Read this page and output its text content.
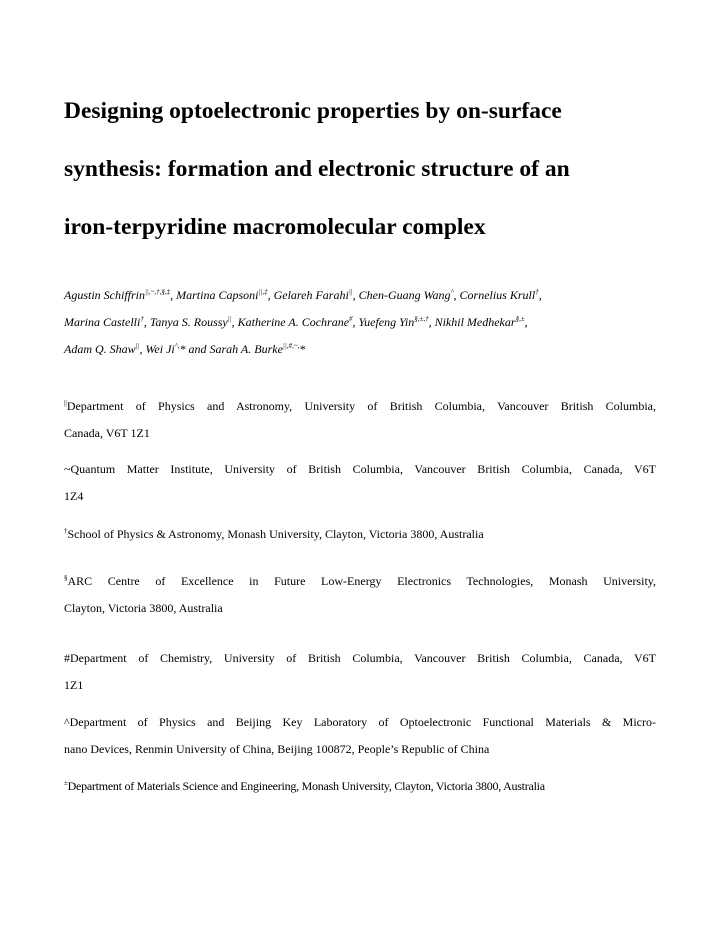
Designing optoelectronic properties by on-surface
synthesis: formation and electronic structure of an
iron-terpyridine macromolecular complex
Agustin Schiffrin||,~,†,§,‡, Martina Capsoni||,‡, Gelareh Farahi||, Chen-Guang Wang^, Cornelius Krull†,
Marina Castelli†, Tanya S. Roussy||, Katherine A. Cochrane#, Yuefeng Yin§,±,†, Nikhil Medhekar§,±,
Adam Q. Shaw||, Wei Ji^,* and Sarah A. Burke||,#,~,*
||Department of Physics and Astronomy, University of British Columbia, Vancouver British Columbia,
Canada, V6T 1Z1
~Quantum Matter Institute, University of British Columbia, Vancouver British Columbia, Canada, V6T
1Z4
†School of Physics & Astronomy, Monash University, Clayton, Victoria 3800, Australia
§ARC Centre of Excellence in Future Low-Energy Electronics Technologies, Monash University,
Clayton, Victoria 3800, Australia
#Department of Chemistry, University of British Columbia, Vancouver British Columbia, Canada, V6T
1Z1
^Department of Physics and Beijing Key Laboratory of Optoelectronic Functional Materials & Micro-
nano Devices, Renmin University of China, Beijing 100872, People’s Republic of China
±Department of Materials Science and Engineering, Monash University, Clayton, Victoria 3800, Australia
